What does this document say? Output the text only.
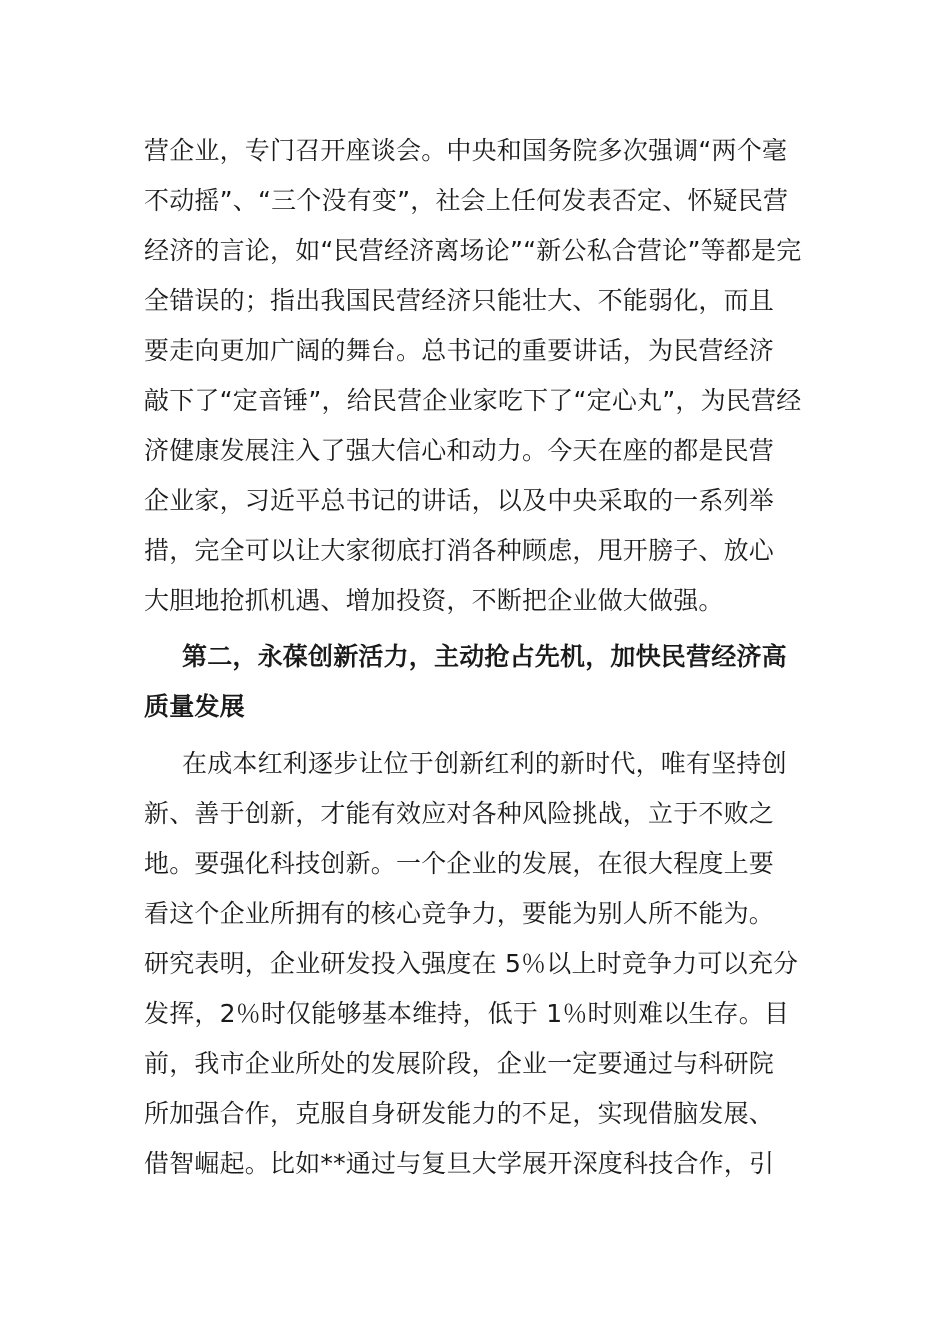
营企业，专门召开座谈会。中央和国务院多次强调“两个毫
不动摇”、“三个没有变”，社会上任何发表否定、怀疑民营
经济的言论，如“民营经济离场论”“新公私合营论”等都是完
全错误的；指出我国民营经济只能壮大、不能弱化，而且
要走向更加广阔的舞台。总书记的重要讲话，为民营经济
敲下了“定音锤”，给民营企业家吃下了“定心丸”，为民营经
济健康发展注入了强大信心和动力。今天在座的都是民营
企业家，习近平总书记的讲话，以及中央采取的一系列举
措，完全可以让大家彻底打消各种顾虑，甩开膀子、放心
大胆地抢抓机遇、增加投资，不断把企业做大做强。
第二，永葆创新活力，主动抢占先机，加快民营经济高
质量发展
在成本红利逐步让位于创新红利的新时代，唯有坚持创
新、善于创新，才能有效应对各种风险挑战，立于不败之
地。要强化科技创新。一个企业的发展，在很大程度上要
看这个企业所拥有的核心竞争力，要能为别人所不能为。
研究表明，企业研发投入强度在 5％以上时竞争力可以充分
发挥，2％时仅能够基本维持，低于 1％时则难以生存。目
前，我市企业所处的发展阶段，企业一定要通过与科研院
所加强合作，克服自身研发能力的不足，实现借脑发展、
借智崛起。比如**通过与复旦大学展开深度科技合作，引
